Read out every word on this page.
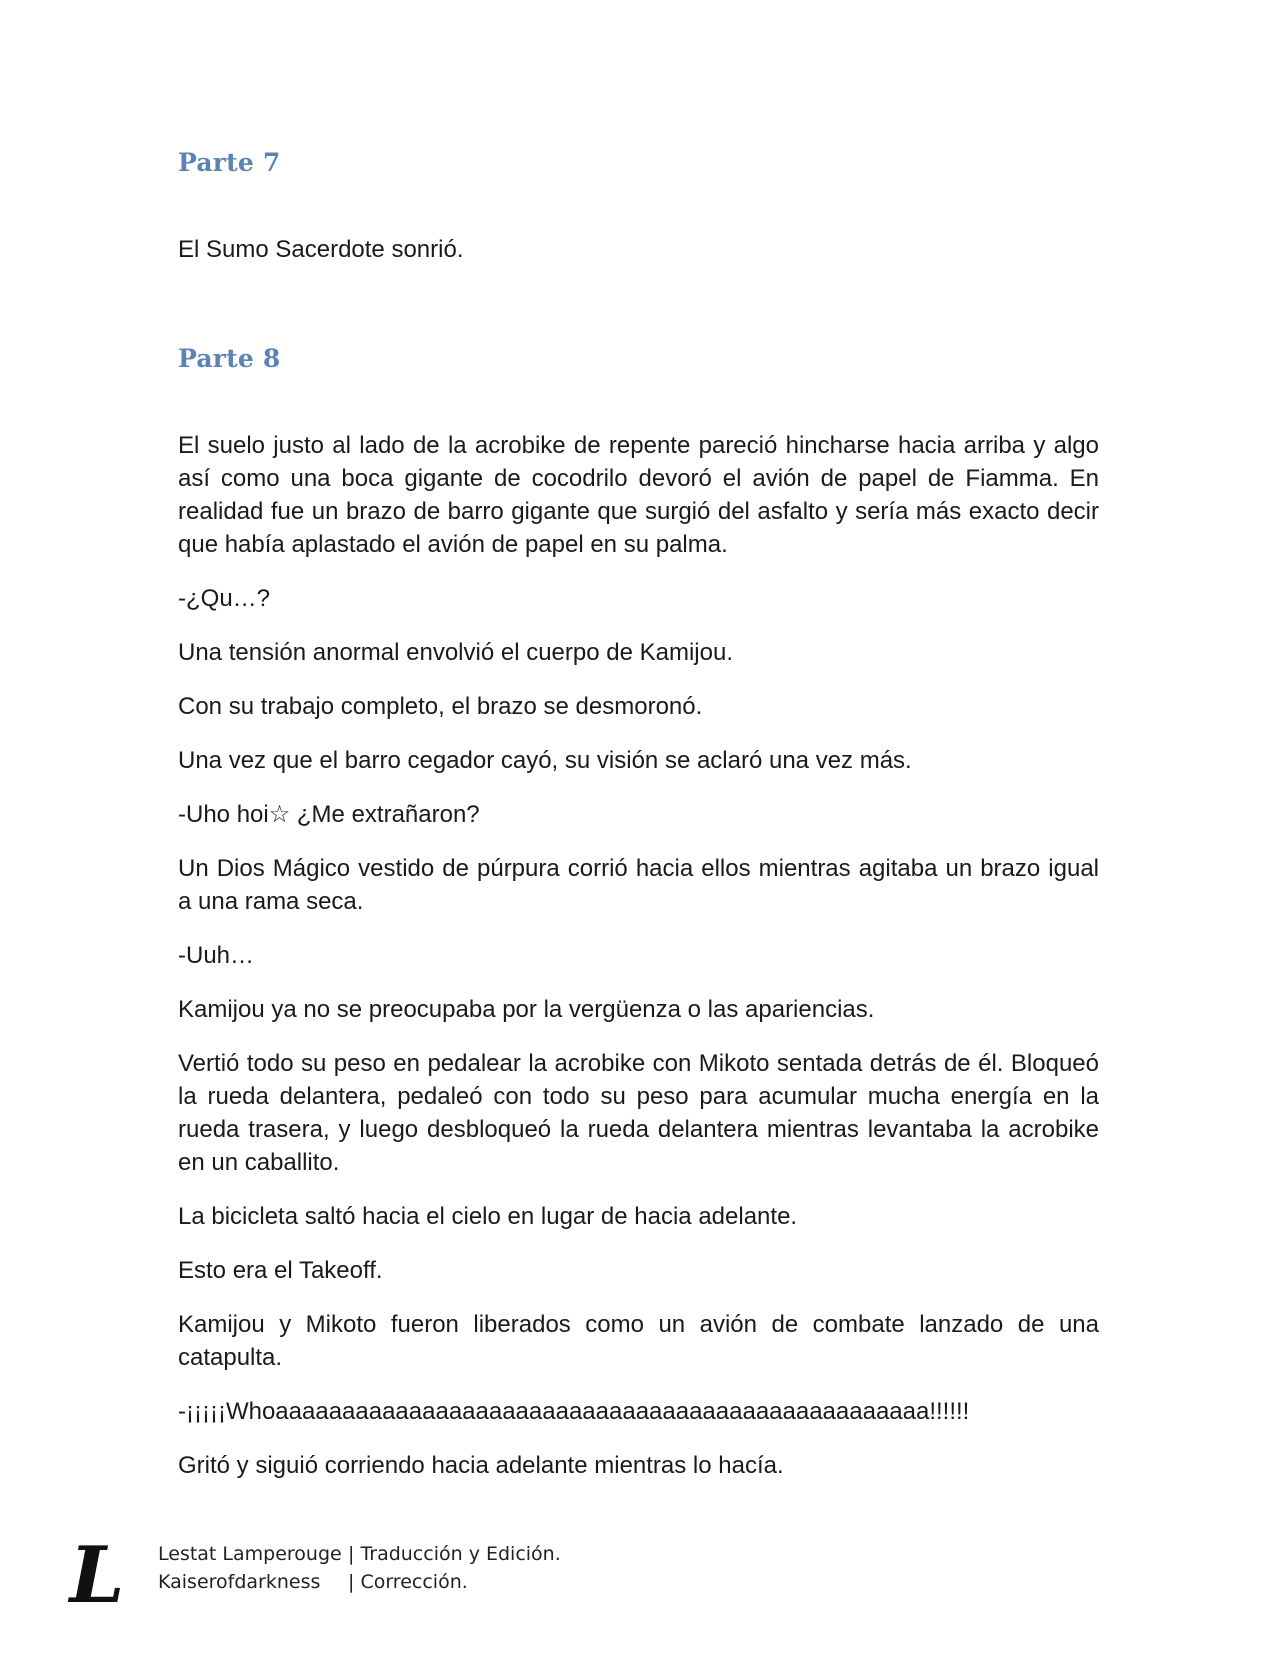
Parte 7

El Sumo Sacerdote sonrió.

Parte 8

El suelo justo al lado de la acrobike de repente pareció hincharse hacia arriba y algo así como una boca gigante de cocodrilo devoró el avión de papel de Fiamma. En realidad fue un brazo de barro gigante que surgió del asfalto y sería más exacto decir que había aplastado el avión de papel en su palma.

-¿Qu…?

Una tensión anormal envolvió el cuerpo de Kamijou.

Con su trabajo completo, el brazo se desmoronó.

Una vez que el barro cegador cayó, su visión se aclaró una vez más.

-Uho hoi☆ ¿Me extrañaron?

Un Dios Mágico vestido de púrpura corrió hacia ellos mientras agitaba un brazo igual a una rama seca.

-Uuh…

Kamijou ya no se preocupaba por la vergüenza o las apariencias.

Vertió todo su peso en pedalear la acrobike con Mikoto sentada detrás de él. Bloqueó la rueda delantera, pedaleó con todo su peso para acumular mucha energía en la rueda trasera, y luego desbloqueó la rueda delantera mientras levantaba la acrobike en un caballito.

La bicicleta saltó hacia el cielo en lugar de hacia adelante.

Esto era el Takeoff.

Kamijou y Mikoto fueron liberados como un avión de combate lanzado de una catapulta.

-¡¡¡¡¡Whoaaaaaaaaaaaaaaaaaaaaaaaaaaaaaaaaaaaaaaaaaaaaaaaaa!!!!!!

Gritó y siguió corriendo hacia adelante mientras lo hacía.

L Lestat Lamperouge | Traducción y Edición.
Kaiserofdarkness | Corrección.
